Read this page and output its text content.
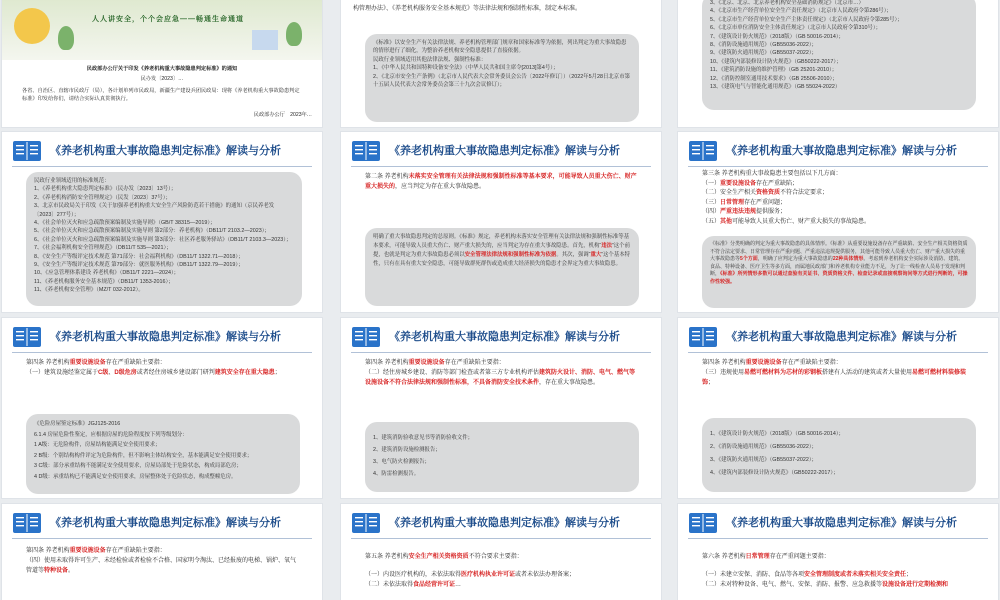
人人讲安全，个个会应急——畅通生命通道
民政部办公厅关于印发《养老机构重大事故隐患判定标准》的通知
民办发〔2023〕…
各省、自治区、直辖市民政厅（局），各计划单列市民政局，新疆生产建设兵团民政局：现将《养老机构重大事故隐患判定标准》印发给你们，请结合实际认真贯彻执行。
民政部办公厅　2023年…
构管理办法》、《养老机构服务安全基本规范》等法律法规和强制性标准，制定本标准。
《标准》以安全生产有关法律法规、养老机构管理部门规章和国家标准等为依据，列出判定为重大事故隐患的情形进行了细化，为整治养老机构安全隐患提供了直接依据。
民政行业领域适用其他法律法规、强制性标准：
1、《中华人民共和国特种设备安全法》（中华人民共和国主席令[2013]第4号）；
2、《北京市安全生产条例》（北京市人民代表大会常务委员会公告〔2022年修订〕）（2022年5月28日北京市第十五届人民代表大会常务委员会第三十九次会议修订）；
3、《北京、北京、北京养老机构安全基础消防规定》（北京市…）
4、《北京市生产经营单位安全生产责任规定》（北京市人民政府令第286号）；
5、《北京市生产经营单位安全生产主体责任规定》（北京市人民政府令第285号）；
6、《北京市单位消防安全主体责任规定》（北京市人民政府令第310号）；
7、《建筑设计防火规范》（2018版）（GB 50016-2014）；
8、《消防设施通用规范》（GB55036-2022）；
9、《建筑防火通用规范》（GB55037-2022）；
10、《建筑内部装修设计防火规范》（GB50222-2017）；
11、《建筑消防设施的维护管理》（GB 25201-2010）；
12、《消防控制室通用技术要求》（GB 25506-2010）；
13、《建筑电气与智能化通用规范》（GB 55024-2022）
《养老机构重大事故隐患判定标准》解读与分析
民政行业领域适用的标准规范：
1、《养老机构重大隐患判定标准》（民办发〔2023〕13号）；
2、《养老机构消防安全管理规定》（民发〔2023〕37号）；
3、北京市民政局关于印发《关于加强养老机构重大安全生产风险防范若干措施》的通知（京民养老发〔2023〕277号）；
4、《社会单位灭火和应急疏散预案编制及实施导则》（GB/T 38315—2019）；
5、《社会单位灭火和应急疏散预案编制及实施导则 第2部分：养老机构》（DB11/T 2103.2—2023）；
6、《社会单位灭火和应急疏散预案编制及实施导则 第3部分：社区养老服务驿站》（DB11/T 2103.3—2023）；
7、《社会福利机构安全管理规范》（DB11/T 535—2021）；
8、《安全生产等级评定技术规范 第71部分：社会福利机构》（DB11/T 1322.71—2018）；
9、《安全生产等级评定技术规范 第79部分：就医服务机构》（DB11/T 1322.79—2019）；
10、《应急管理体系建设 养老机构》（DB11/T 2221—2024）；
11、《养老机构服务安全基本规范》（DB11/T 1353-2016）；
11、《养老机构安全管理》（MZ/T 032-2012）。
《养老机构重大事故隐患判定标准》解读与分析
第二条 养老机构未落实安全管理有关法律法规和强制性标准等基本要求，可能导致人员重大伤亡、财产重大损失的，应当判定为存在重大事故隐患。
明确了重大事故隐患判定的总原则。《标准》规定，养老机构未落实安全管理有关法律法规和强制性标准等基本要求，可能导致人员重大伤亡、财产重大损失的，应当判定为存在重大事故隐患。首先，机构“违法”这个前提，也就是判定为重大事故隐患必须以安全管理法律法规和强制性标准为依据。其次，强调“重大”这个基本特性，只有在具有重大安全隐患，可能导致群死群伤或造成重大经济损失的隐患才会界定为重大事故隐患。
《养老机构重大事故隐患判定标准》解读与分析
第三条 养老机构重大事故隐患主要包括以下几方面：
（一）重要设施设备存在严重缺陷；
（二）安全生产相关资格资质不符合法定要求；
（三）日常管理存在严重问题；
（四）严重违法违规提供服务；
（五）其他可能导致人员重大伤亡、财产重大损失的事故隐患。
《标准》分类明确的判定为重大事故隐患的具体情形。《标准》从重要设施设备存在严重缺陷、安全生产相关资格资质不符合法定要求、日常管理存在严重问题、严重违法违规提供服务，其他可能导致人员重大伤亡、财产重大损失的重大事故隐患等5个方面，明确了应判定为重大事故隐患的22种具体情形。考虑到养老机构安全实际涉及消防、建筑、食品、特种设备、医疗卫生等多方面，而属地民政部门和养老机构专业能力不足，为了让一线检查人员易于发现和判断，《标准》所列情形多数可以通过查验有关证书、资质资格文件、检查记录或直接观察询问等方式进行判断的，可操作性较强。
《养老机构重大事故隐患判定标准》解读与分析
第四条 养老机构重要设施设备存在严重缺陷主要指：
（一）建筑设施经鉴定属于C级、D级危房或者经住房城乡建设部门研判建筑安全存在重大隐患；
《危险房屋鉴定标准》JGJ125-2016
6.1.4 房屋危险性鉴定，应根据房屋的危险程度按下列等级划分：
1 A级：无危险构件，房屋结构能满足安全使用要求；
2 B级：个别结构构件评定为危险构件，但不影响主体结构安全，基本能满足安全使用要求；
3 C级：部分承重结构不能满足安全使用要求，房屋局部处于危险状态，构成局部危房；
4 D级：承重结构已不能满足安全使用要求，房屋整体处于危险状态，构成整幢危房。
《养老机构重大事故隐患判定标准》解读与分析
第四条 养老机构重要设施设备存在严重缺陷主要指：
（二）经住房城乡建设、消防等部门检查或者第三方专业机构评估建筑防火设计、消防、电气、燃气等设施设备不符合法律法规和强制性标准，不具备消防安全技术条件，存在重大事故隐患。
1、建筑消防验收意见书等消防验收文件；
2、建筑消防设施检测报告；
3、电气防火检测报告；
4、防雷检测报告。
《养老机构重大事故隐患判定标准》解读与分析
第四条 养老机构重要设施设备存在严重缺陷主要指：
（三）违规使用易燃可燃材料为芯材的彩钢板搭建有人活动的建筑或者大量使用易燃可燃材料装修装饰；
1、《建筑设计防火规范》（2018版）（GB 50016-2014）；
2、《消防设施通用规范》（GB55036-2022）；
3、《建筑防火通用规范》（GB55037-2022）；
4、《建筑内部装修设计防火规范》（GB50222-2017）；
《养老机构重大事故隐患判定标准》解读与分析
第四条 养老机构重要设施设备存在严重缺陷主要指：
（四）使用未取得许可生产、未经检验或者检验不合格、国家明令淘汰、已经报废的电梯、锅炉、氧气管道等特种设备。
《养老机构重大事故隐患判定标准》解读与分析
第五条 养老机构安全生产相关资格资质不符合要求主要指：
（一）内设医疗机构的，未依法取得医疗机构执业许可证或者未依法办理备案；
（二）未依法取得食品经营许可证…
《养老机构重大事故隐患判定标准》解读与分析
第六条 养老机构日常管理存在严重问题主要指：
（一）未建立安保、消防、食品等各项安全管理制度或者未落实相关安全责任；
（二）未对特种设备、电气、燃气、安保、消防、报警、应急救援等设施设备进行定期检测和
